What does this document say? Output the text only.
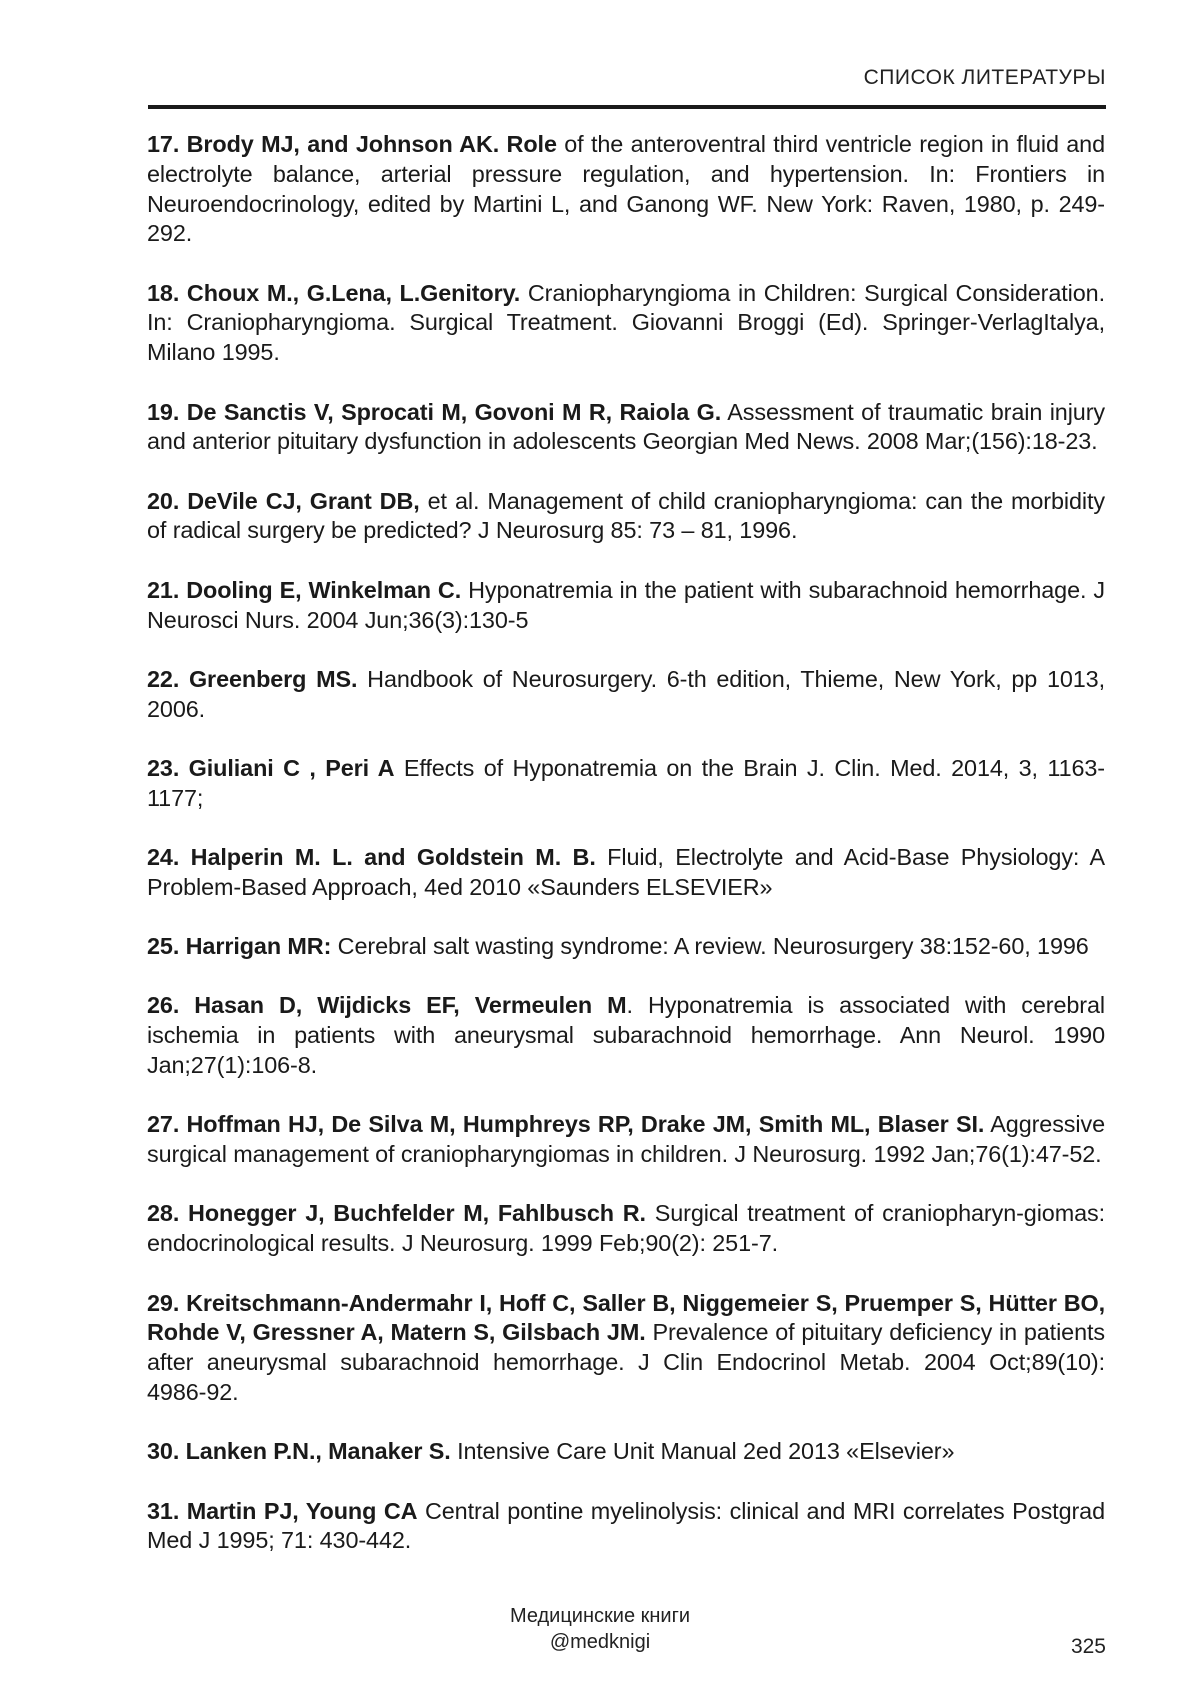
СПИСОК ЛИТЕРАТУРЫ

17. Brody MJ, and Johnson AK. Role of the anteroventral third ventricle region in fluid and electrolyte balance, arterial pressure regulation, and hypertension. In: Frontiers in Neuroendocrinology, edited by Martini L, and Ganong WF. New York: Raven, 1980, p. 249-292.

18. Choux M., G.Lena, L.Genitory. Craniopharyngioma in Children: Surgical Consideration. In: Craniopharyngioma. Surgical Treatment. Giovanni Broggi (Ed). Springer-VerlagItalya, Milano 1995.

19. De Sanctis V, Sprocati M, Govoni M R, Raiola G. Assessment of traumatic brain injury and anterior pituitary dysfunction in adolescents Georgian Med News. 2008 Mar;(156):18-23.

20. DeVile CJ, Grant DB, et al. Management of child craniopharyngioma: can the morbidity of radical surgery be predicted? J Neurosurg 85: 73 – 81, 1996.

21. Dooling E, Winkelman C. Hyponatremia in the patient with subarachnoid hemorrhage. J Neurosci Nurs. 2004 Jun;36(3):130-5

22. Greenberg MS. Handbook of Neurosurgery. 6-th edition, Thieme, New York, pp 1013, 2006.

23. Giuliani C , Peri A Effects of Hyponatremia on the Brain J. Clin. Med. 2014, 3, 1163-1177;

24. Halperin M. L. and Goldstein M. B. Fluid, Electrolyte and Acid-Base Physiology: A Problem-Based Approach, 4ed 2010 «Saunders ELSEVIER»

25. Harrigan MR: Cerebral salt wasting syndrome: A review. Neurosurgery 38:152-60, 1996

26. Hasan D, Wijdicks EF, Vermeulen M. Hyponatremia is associated with cerebral ischemia in patients with aneurysmal subarachnoid hemorrhage. Ann Neurol. 1990 Jan;27(1):106-8.

27. Hoffman HJ, De Silva M, Humphreys RP, Drake JM, Smith ML, Blaser SI. Aggressive surgical management of craniopharyngiomas in children. J Neurosurg. 1992 Jan;76(1):47-52.

28. Honegger J, Buchfelder M, Fahlbusch R. Surgical treatment of craniopharyn-giomas: endocrinological results. J Neurosurg. 1999 Feb;90(2): 251-7.

29. Kreitschmann-Andermahr I, Hoff C, Saller B, Niggemeier S, Pruemper S, Hütter BO, Rohde V, Gressner A, Matern S, Gilsbach JM. Prevalence of pituitary deficiency in patients after aneurysmal subarachnoid hemorrhage. J Clin Endocrinol Metab. 2004 Oct;89(10): 4986-92.

30. Lanken P.N., Manaker S. Intensive Care Unit Manual 2ed 2013 «Elsevier»

31. Martin PJ, Young CA Central pontine myelinolysis: clinical and MRI correlates Postgrad Med J 1995; 71: 430-442.

Медицинские книги
@medknigi	325
